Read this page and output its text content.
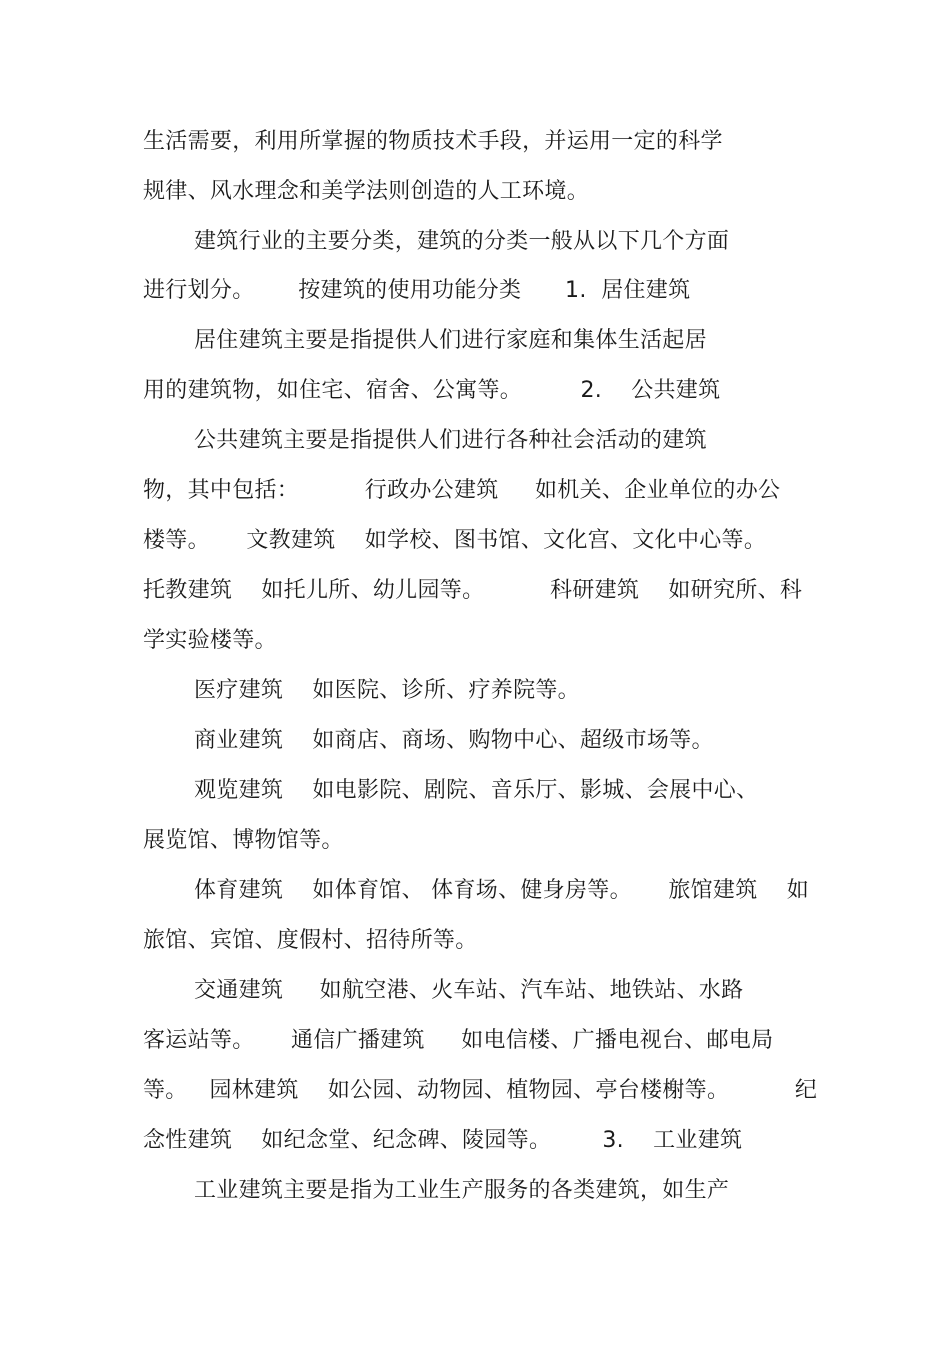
生活需要，利用所掌握的物质技术手段，并运用一定的科学
规律、风水理念和美学法则创造的人工环境。
建筑行业的主要分类，建筑的分类一般从以下几个方面
进行划分。      按建筑的使用功能分类      1.  居住建筑
居住建筑主要是指提供人们进行家庭和集体生活起居
用的建筑物，如住宅、宿舍、公寓等。        2.    公共建筑
公共建筑主要是指提供人们进行各种社会活动的建筑
物，其中包括：         行政办公建筑     如机关、企业单位的办公
楼等。     文教建筑    如学校、图书馆、文化宫、文化中心等。
托教建筑    如托儿所、幼儿园等。         科研建筑    如研究所、科
学实验楼等。
医疗建筑    如医院、诊所、疗养院等。
商业建筑    如商店、商场、购物中心、超级市场等。
观览建筑    如电影院、剧院、音乐厅、影城、会展中心、
展览馆、博物馆等。
体育建筑    如体育馆、 体育场、健身房等。     旅馆建筑    如
旅馆、宾馆、度假村、招待所等。
交通建筑     如航空港、火车站、汽车站、地铁站、水路
客运站等。     通信广播建筑     如电信楼、广播电视台、邮电局
等。   园林建筑    如公园、动物园、植物园、亭台楼榭等。         纪
念性建筑    如纪念堂、纪念碑、陵园等。       3.    工业建筑
工业建筑主要是指为工业生产服务的各类建筑，如生产
